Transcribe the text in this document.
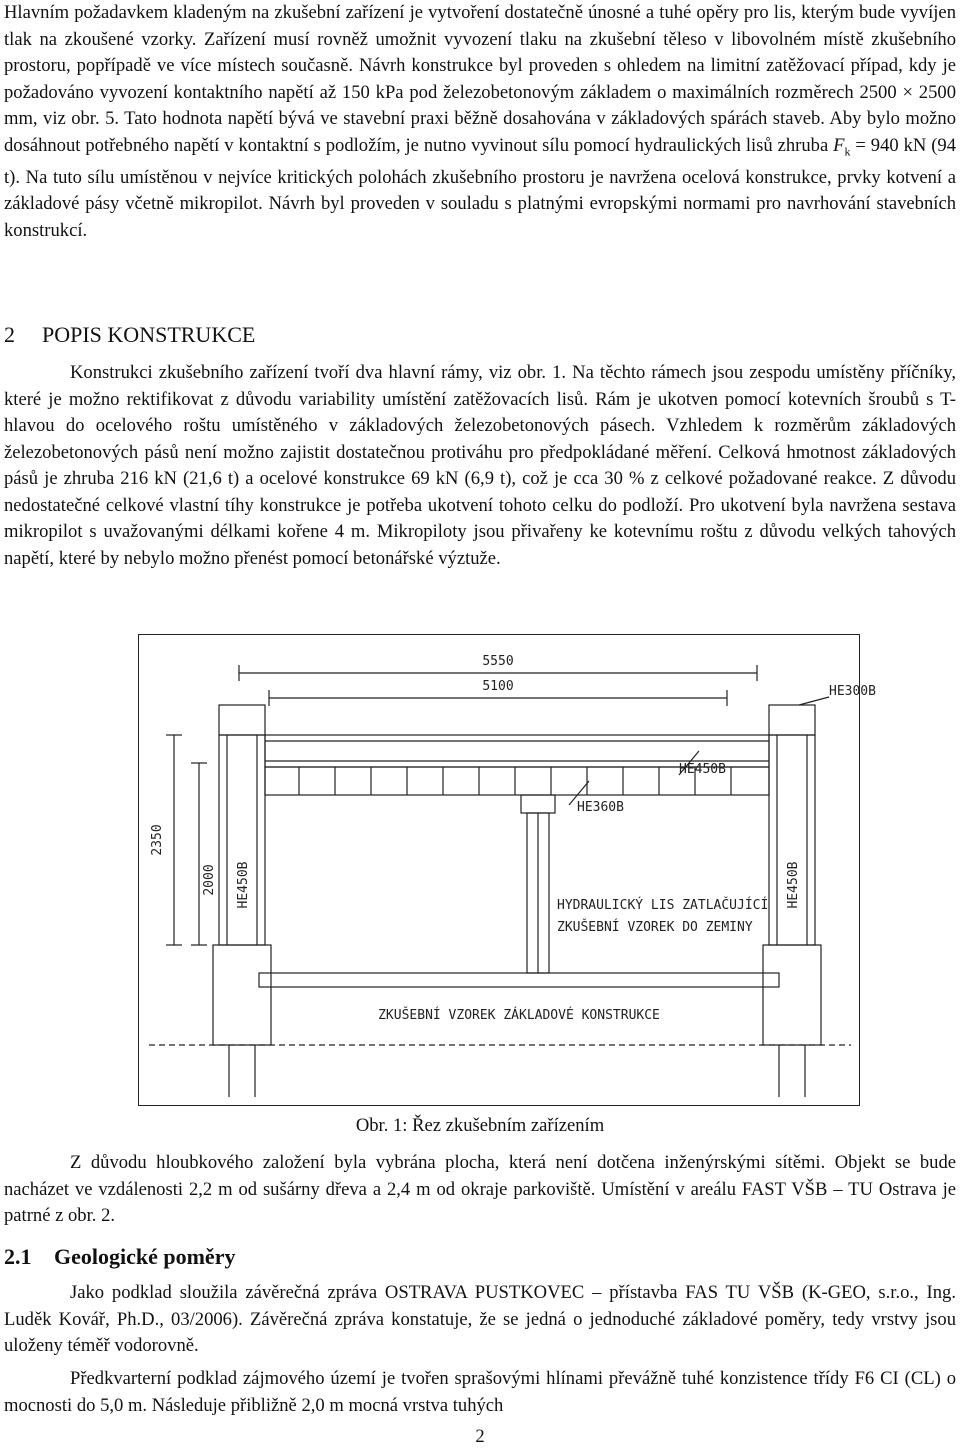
Hlavním požadavkem kladeným na zkušební zařízení je vytvoření dostatečně únosné a tuhé opěry pro lis, kterým bude vyvíjen tlak na zkoušené vzorky. Zařízení musí rovněž umožnit vyvození tlaku na zkušební těleso v libovolném místě zkušebního prostoru, popřípadě ve více místech současně. Návrh konstrukce byl proveden s ohledem na limitní zatěžovací případ, kdy je požadováno vyvození kontaktního napětí až 150 kPa pod železobetonovým základem o maximálních rozměrech 2500 × 2500 mm, viz obr. 5. Tato hodnota napětí bývá ve stavební praxi běžně dosahována v základových spárách staveb. Aby bylo možno dosáhnout potřebného napětí v kontaktní s podložím, je nutno vyvinout sílu pomocí hydraulických lisů zhruba $F_k = 940$ kN (94 t). Na tuto sílu umístěnou v nejvíce kritických polohách zkušebního prostoru je navržena ocelová konstrukce, prvky kotvení a základové pásy včetně mikropilot. Návrh byl proveden v souladu s platnými evropskými normami pro navrhování stavebních konstrukcí.

2 POPIS KONSTRUKCE

Konstrukci zkušebního zařízení tvoří dva hlavní rámy, viz obr. 1. Na těchto rámech jsou zespodu umístěny příčníky, které je možno rektifikovat z důvodu variability umístění zatěžovacích lisů. Rám je ukotven pomocí kotevních šroubů s T-hlavou do ocelového roštu umístěného v základových železobetonových pásech. Vzhledem k rozměrům základových železobetonových pásů není možno zajistit dostatečnou protiváhu pro předpokládané měření. Celková hmotnost základových pásů je zhruba 216 kN (21,6 t) a ocelové konstrukce 69 kN (6,9 t), což je cca 30 % z celkové požadované reakce. Z důvodu nedostatečné celkové vlastní tíhy konstrukce je potřeba ukotvení tohoto celku do podloží. Pro ukotvení byla navržena sestava mikropilot s uvažovanými délkami kořene 4 m. Mikropiloty jsou přivařeny ke kotevnímu roštu z důvodu velkých tahových napětí, které by nebylo možno přenést pomocí betonářské výztuže.

5550
5100
2350
2000
HE300B
HE450B
HE360B
HE450B	HE450B
HYDRAULICKÝ LIS ZATLAČUJÍCÍ
ZKUŠEBNÍ VZOREK DO ZEMINY
ZKUŠEBNÍ VZOREK ZÁKLADOVÉ KONSTRUKCE

Obr. 1: Řez zkušebním zařízením

Z důvodu hloubkového založení byla vybrána plocha, která není dotčena inženýrskými sítěmi. Objekt se bude nacházet ve vzdálenosti 2,2 m od sušárny dřeva a 2,4 m od okraje parkoviště. Umístění v areálu FAST VŠB – TU Ostrava je patrné z obr. 2.

2.1 Geologické poměry

Jako podklad sloužila závěrečná zpráva OSTRAVA PUSTKOVEC – přístavba FAS TU VŠB (K-GEO, s.r.o., Ing. Luděk Kovář, Ph.D., 03/2006). Závěrečná zpráva konstatuje, že se jedná o jednoduché základové poměry, tedy vrstvy jsou uloženy téměř vodorovně.

Předkvarterní podklad zájmového území je tvořen sprašovými hlínami převážně tuhé konzistence třídy F6 CI (CL) o mocnosti do 5,0 m. Následuje přibližně 2,0 m mocná vrstva tuhých

2
